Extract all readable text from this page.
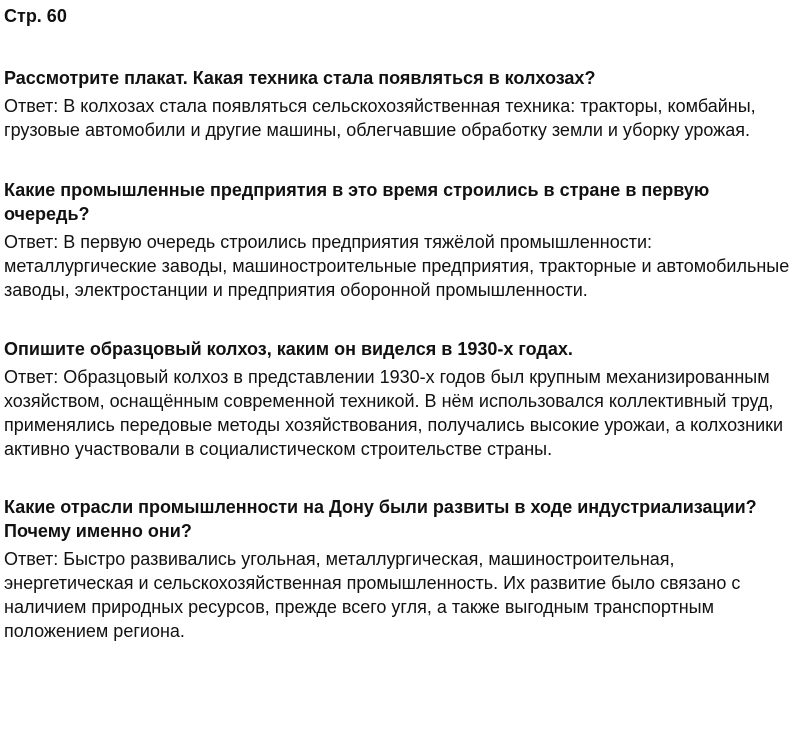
Стр. 60

Рассмотрите плакат. Какая техника стала появляться в колхозах?

Ответ: В колхозах стала появляться сельскохозяйственная техника: тракторы, комбайны, грузовые автомобили и другие машины, облегчавшие обработку земли и уборку урожая.

Какие промышленные предприятия в это время строились в стране в первую очередь?

Ответ: В первую очередь строились предприятия тяжёлой промышленности: металлургические заводы, машиностроительные предприятия, тракторные и автомобильные заводы, электростанции и предприятия оборонной промышленности.

Опишите образцовый колхоз, каким он виделся в 1930-х годах.

Ответ: Образцовый колхоз в представлении 1930-х годов был крупным механизированным хозяйством, оснащённым современной техникой. В нём использовался коллективный труд, применялись передовые методы хозяйствования, получались высокие урожаи, а колхозники активно участвовали в социалистическом строительстве страны.

Какие отрасли промышленности на Дону были развиты в ходе индустриализации? Почему именно они?

Ответ: Быстро развивались угольная, металлургическая, машиностроительная, энергетическая и сельскохозяйственная промышленность. Их развитие было связано с наличием природных ресурсов, прежде всего угля, а также выгодным транспортным положением региона.
